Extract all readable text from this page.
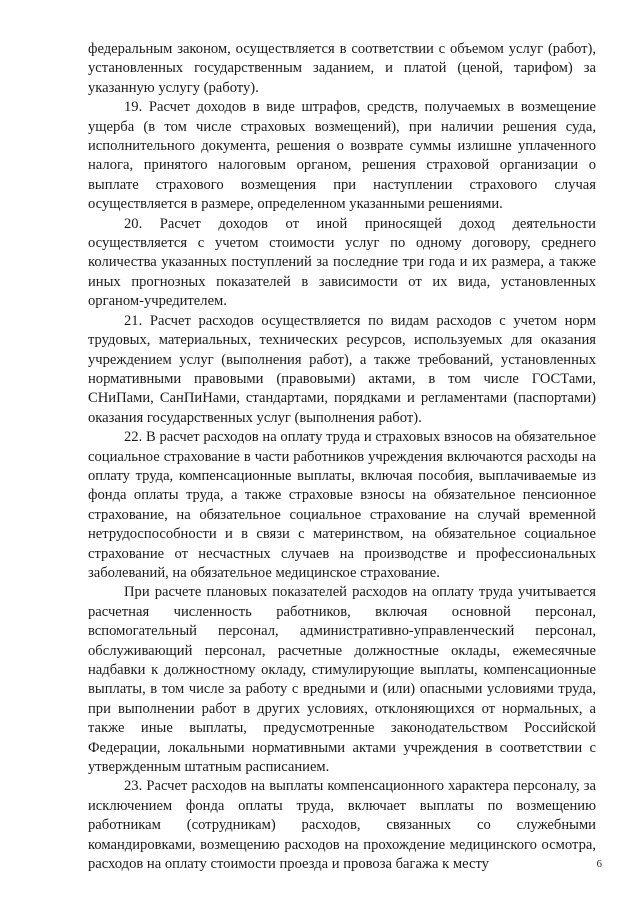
федеральным законом, осуществляется в соответствии с объемом услуг (работ), установленных государственным заданием, и платой (ценой, тарифом) за указанную услугу (работу).

19. Расчет доходов в виде штрафов, средств, получаемых в возмещение ущерба (в том числе страховых возмещений), при наличии решения суда, исполнительного документа, решения о возврате суммы излишне уплаченного налога, принятого налоговым органом, решения страховой организации о выплате страхового возмещения при наступлении страхового случая осуществляется в размере, определенном указанными решениями.

20. Расчет доходов от иной приносящей доход деятельности осуществляется с учетом стоимости услуг по одному договору, среднего количества указанных поступлений за последние три года и их размера, а также иных прогнозных показателей в зависимости от их вида, установленных органом-учредителем.

21. Расчет расходов осуществляется по видам расходов с учетом норм трудовых, материальных, технических ресурсов, используемых для оказания учреждением услуг (выполнения работ), а также требований, установленных нормативными правовыми (правовыми) актами, в том числе ГОСТами, СНиПами, СанПиНами, стандартами, порядками и регламентами (паспортами) оказания государственных услуг (выполнения работ).

22. В расчет расходов на оплату труда и страховых взносов на обязательное социальное страхование в части работников учреждения включаются расходы на оплату труда, компенсационные выплаты, включая пособия, выплачиваемые из фонда оплаты труда, а также страховые взносы на обязательное пенсионное страхование, на обязательное социальное страхование на случай временной нетрудоспособности и в связи с материнством, на обязательное социальное страхование от несчастных случаев на производстве и профессиональных заболеваний, на обязательное медицинское страхование.

При расчете плановых показателей расходов на оплату труда учитывается расчетная численность работников, включая основной персонал, вспомогательный персонал, административно-управленческий персонал, обслуживающий персонал, расчетные должностные оклады, ежемесячные надбавки к должностному окладу, стимулирующие выплаты, компенсационные выплаты, в том числе за работу с вредными и (или) опасными условиями труда, при выполнении работ в других условиях, отклоняющихся от нормальных, а также иные выплаты, предусмотренные законодательством Российской Федерации, локальными нормативными актами учреждения в соответствии с утвержденным штатным расписанием.

23. Расчет расходов на выплаты компенсационного характера персоналу, за исключением фонда оплаты труда, включает выплаты по возмещению работникам (сотрудникам) расходов, связанных со служебными командировками, возмещению расходов на прохождение медицинского осмотра, расходов на оплату стоимости проезда и провоза багажа к месту	6
